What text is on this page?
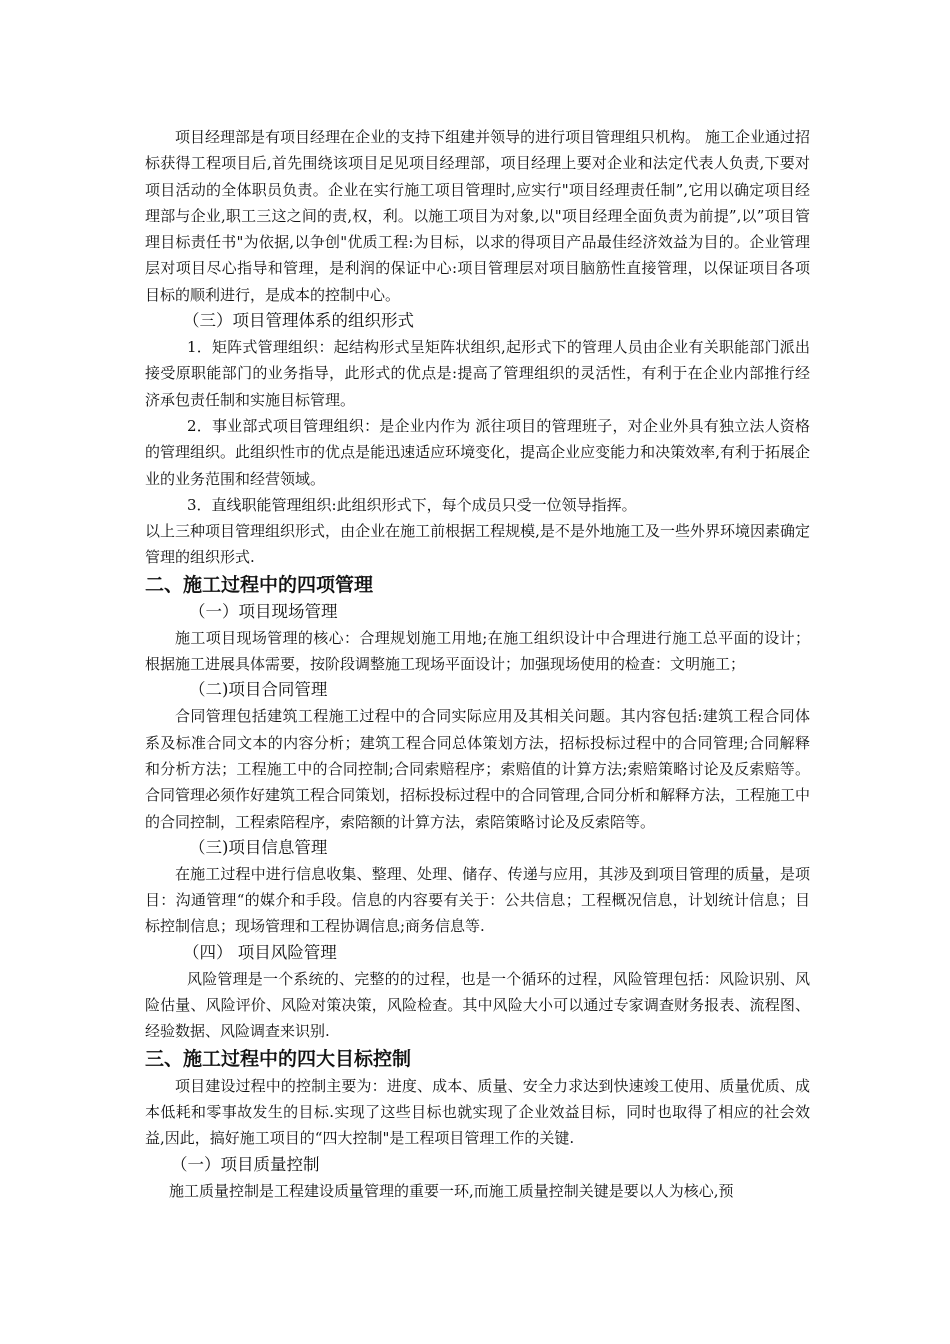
项目经理部是有项目经理在企业的支持下组建并领导的进行项目管理组只机构。 施工企业通过招标获得工程项目后,首先围绕该项目足见项目经理部，项目经理上要对企业和法定代表人负责,下要对项目活动的全体职员负责。企业在实行施工项目管理时,应实行"项目经理责任制”,它用以确定项目经理部与企业,职工三这之间的责,权，利。以施工项目为对象,以"项目经理全面负责为前提”,以”项目管理目标责任书"为依据,以争创"优质工程:为目标，以求的得项目产品最佳经济效益为目的。企业管理层对项目尽心指导和管理，是利润的保证中心:项目管理层对项目脑筋性直接管理，以保证项目各项目标的顺利进行，是成本的控制中心。

（三）项目管理体系的组织形式

1．矩阵式管理组织：起结构形式呈矩阵状组织,起形式下的管理人员由企业有关职能部门派出接受原职能部门的业务指导，此形式的优点是:提高了管理组织的灵活性，有利于在企业内部推行经济承包责任制和实施目标管理。

2．事业部式项目管理组织：是企业内作为 派往项目的管理班子，对企业外具有独立法人资格的管理组织。此组织性市的优点是能迅速适应环境变化，提高企业应变能力和决策效率,有利于拓展企业的业务范围和经营领域。

3．直线职能管理组织:此组织形式下，每个成员只受一位领导指挥。

以上三种项目管理组织形式，由企业在施工前根据工程规模,是不是外地施工及一些外界环境因素确定管理的组织形式.

二、施工过程中的四项管理

（一）项目现场管理

施工项目现场管理的核心：合理规划施工用地;在施工组织设计中合理进行施工总平面的设计；根据施工进展具体需要，按阶段调整施工现场平面设计；加强现场使用的检查：文明施工；

（二)项目合同管理

合同管理包括建筑工程施工过程中的合同实际应用及其相关问题。其内容包括:建筑工程合同体系及标准合同文本的内容分析；建筑工程合同总体策划方法，招标投标过程中的合同管理;合同解释和分析方法；工程施工中的合同控制;合同索赔程序；索赔值的计算方法;索赔策略讨论及反索赔等。合同管理必须作好建筑工程合同策划，招标投标过程中的合同管理,合同分析和解释方法，工程施工中的合同控制，工程索陪程序，索陪额的计算方法，索陪策略讨论及反索陪等。

（三)项目信息管理

在施工过程中进行信息收集、整理、处理、储存、传递与应用，其涉及到项目管理的质量，是项目：沟通管理“的媒介和手段。信息的内容要有关于：公共信息；工程概况信息，计划统计信息；目标控制信息；现场管理和工程协调信息;商务信息等.

（四） 项目风险管理

风险管理是一个系统的、完整的的过程，也是一个循环的过程，风险管理包括：风险识别、风险估量、风险评价、风险对策决策，风险检查。其中风险大小可以通过专家调查财务报表、流程图、经验数据、风险调查来识别.

三、施工过程中的四大目标控制

项目建设过程中的控制主要为：进度、成本、质量、安全力求达到快速竣工使用、质量优质、成本低耗和零事故发生的目标.实现了这些目标也就实现了企业效益目标，同时也取得了相应的社会效益,因此，搞好施工项目的“四大控制"是工程项目管理工作的关键.

（一）项目质量控制

施工质量控制是工程建设质量管理的重要一环,而施工质量控制关键是要以人为核心,预
